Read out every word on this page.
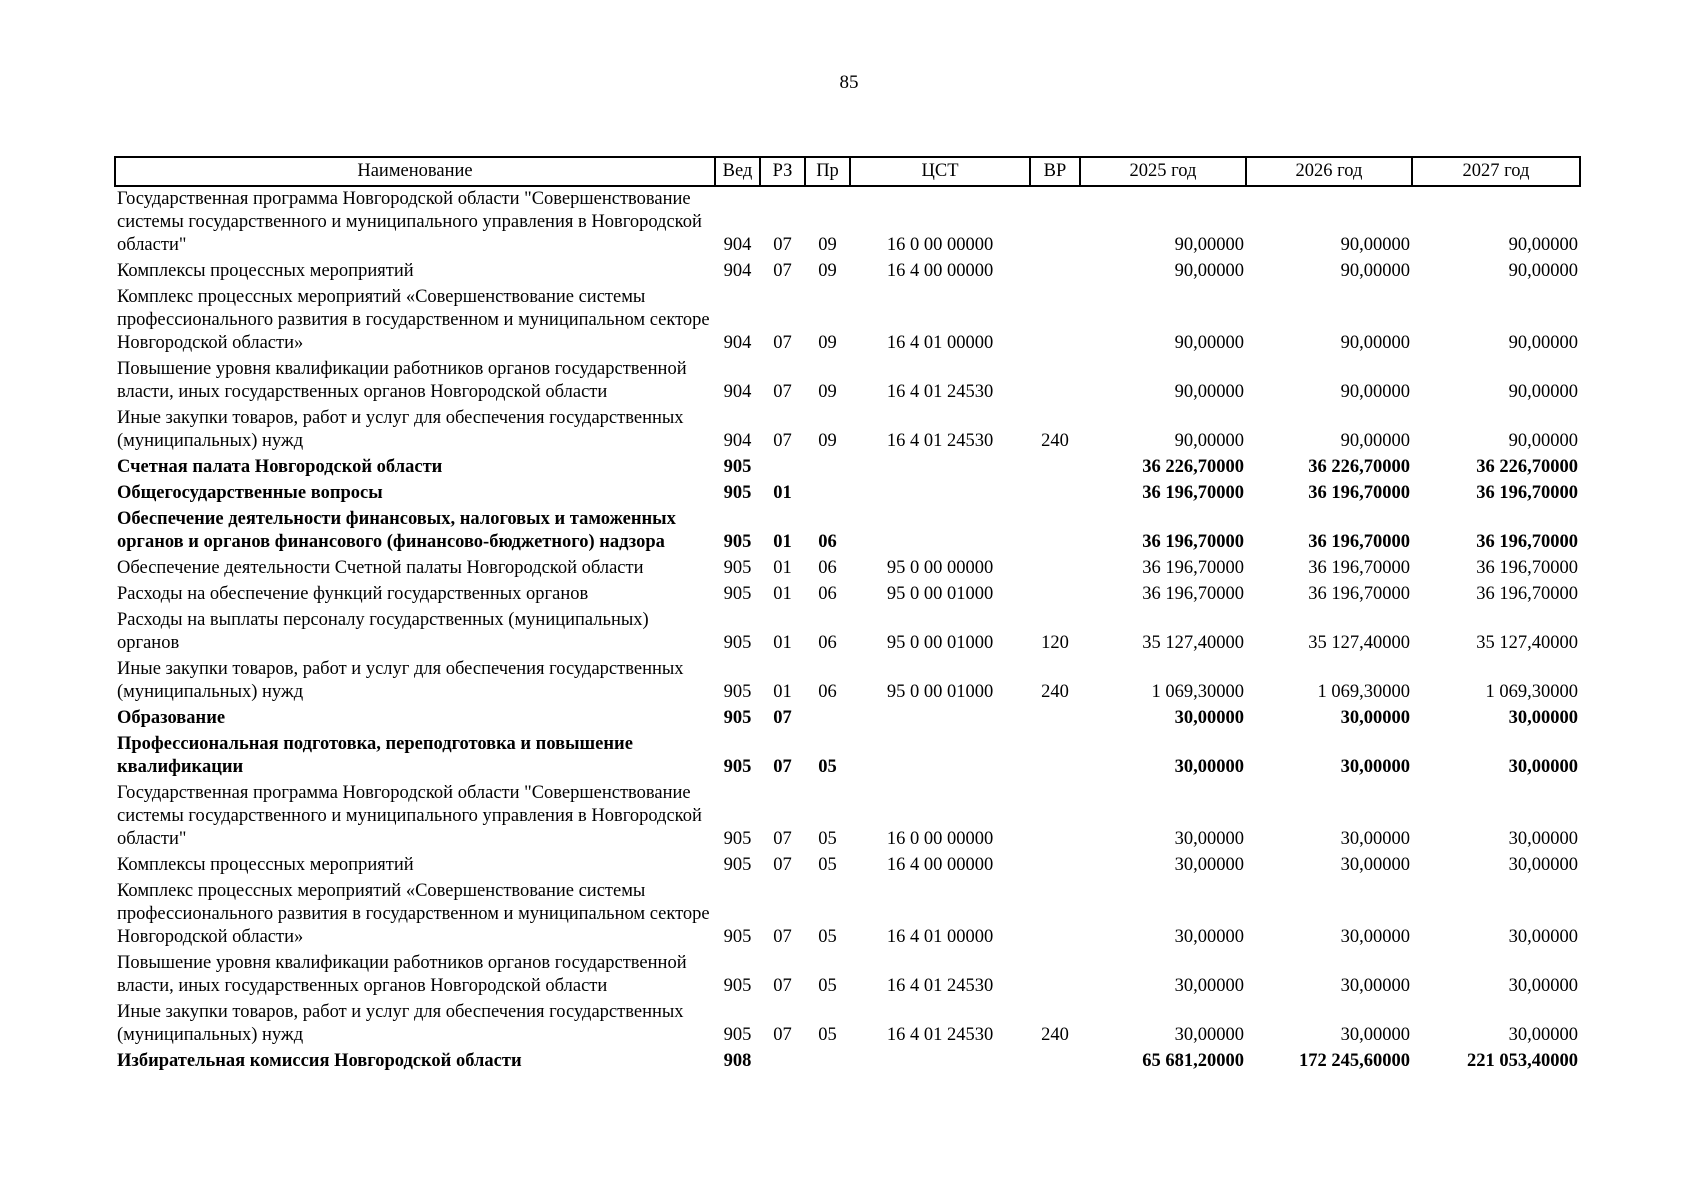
85
Наименование	Вед	РЗ	Пр	ЦСТ	ВР	2025 год	2026 год	2027 год
Государственная программа Новгородской области "Совершенствование системы государственного и муниципального управления в Новгородской области"	904	07	09	16 0 00 00000		90,00000	90,00000	90,00000
Комплексы процессных мероприятий	904	07	09	16 4 00 00000		90,00000	90,00000	90,00000
Комплекс процессных мероприятий «Совершенствование системы профессионального развития в государственном и муниципальном секторе Новгородской области»	904	07	09	16 4 01 00000		90,00000	90,00000	90,00000
Повышение уровня квалификации работников органов государственной власти, иных государственных органов Новгородской области	904	07	09	16 4 01 24530		90,00000	90,00000	90,00000
Иные закупки товаров, работ и услуг для обеспечения государственных (муниципальных) нужд	904	07	09	16 4 01 24530	240	90,00000	90,00000	90,00000
Счетная палата Новгородской области	905					36 226,70000	36 226,70000	36 226,70000
Общегосударственные вопросы	905	01				36 196,70000	36 196,70000	36 196,70000
Обеспечение деятельности финансовых, налоговых и таможенных органов и органов финансового (финансово-бюджетного) надзора	905	01	06			36 196,70000	36 196,70000	36 196,70000
Обеспечение деятельности Счетной палаты Новгородской области	905	01	06	95 0 00 00000		36 196,70000	36 196,70000	36 196,70000
Расходы на обеспечение функций государственных органов	905	01	06	95 0 00 01000		36 196,70000	36 196,70000	36 196,70000
Расходы на выплаты персоналу государственных (муниципальных) органов	905	01	06	95 0 00 01000	120	35 127,40000	35 127,40000	35 127,40000
Иные закупки товаров, работ и услуг для обеспечения государственных (муниципальных) нужд	905	01	06	95 0 00 01000	240	1 069,30000	1 069,30000	1 069,30000
Образование	905	07				30,00000	30,00000	30,00000
Профессиональная подготовка, переподготовка и повышение квалификации	905	07	05			30,00000	30,00000	30,00000
Государственная программа Новгородской области "Совершенствование системы государственного и муниципального управления в Новгородской области"	905	07	05	16 0 00 00000		30,00000	30,00000	30,00000
Комплексы процессных мероприятий	905	07	05	16 4 00 00000		30,00000	30,00000	30,00000
Комплекс процессных мероприятий «Совершенствование системы профессионального развития в государственном и муниципальном секторе Новгородской области»	905	07	05	16 4 01 00000		30,00000	30,00000	30,00000
Повышение уровня квалификации работников органов государственной власти, иных государственных органов Новгородской области	905	07	05	16 4 01 24530		30,00000	30,00000	30,00000
Иные закупки товаров, работ и услуг для обеспечения государственных (муниципальных) нужд	905	07	05	16 4 01 24530	240	30,00000	30,00000	30,00000
Избирательная комиссия Новгородской области	908					65 681,20000	172 245,60000	221 053,40000
